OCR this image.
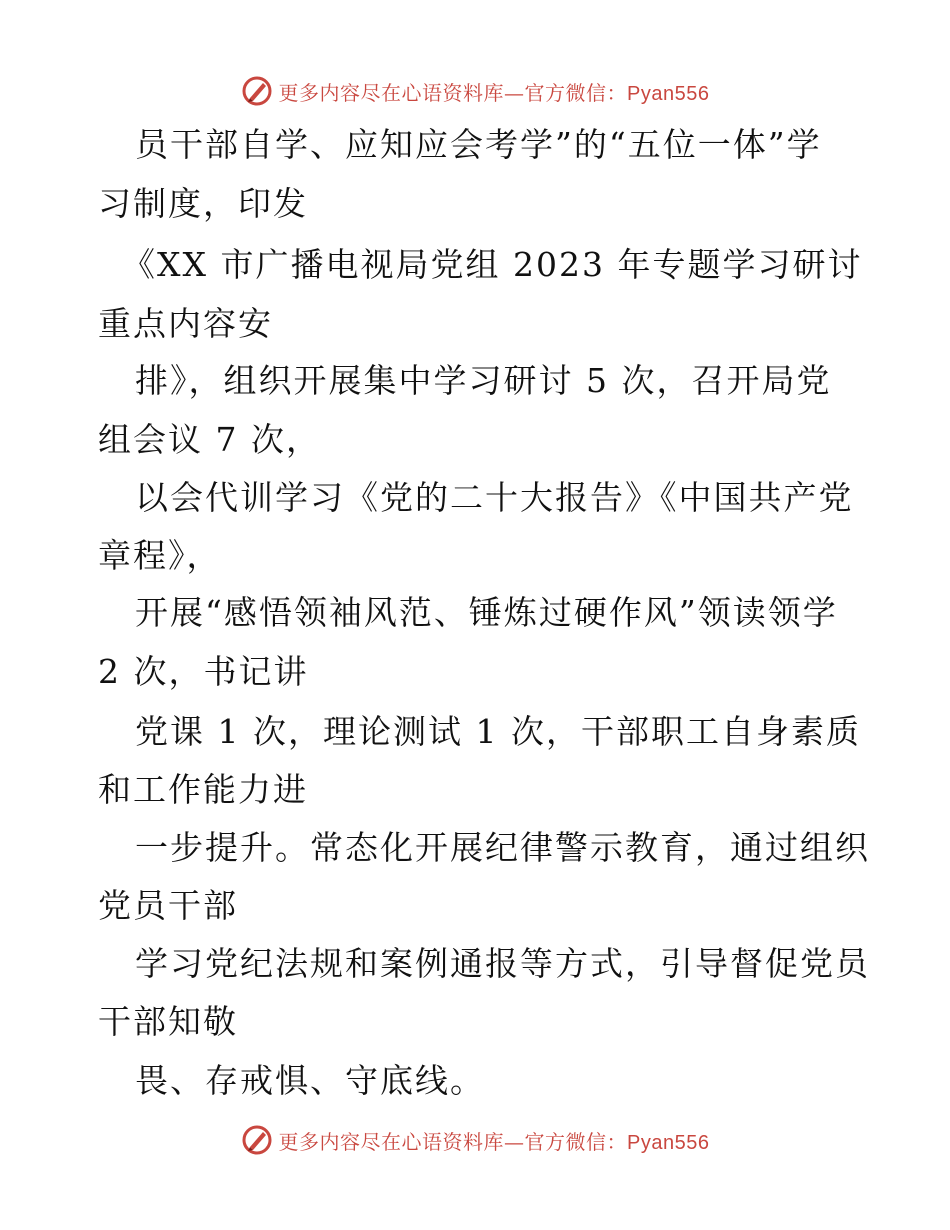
更多内容尽在心语资料库—官方微信：Pyan556
员干部自学、应知应会考学”的“五位一体”学
习制度，印发
《XX 市广播电视局党组 2023 年专题学习研讨
重点内容安
排》，组织开展集中学习研讨 5 次，召开局党
组会议 7 次，
以会代训学习《党的二十大报告》《中国共产党
章程》，
开展“感悟领袖风范、锤炼过硬作风”领读领学
2 次，书记讲
党课 1 次，理论测试 1 次，干部职工自身素质
和工作能力进
一步提升。常态化开展纪律警示教育，通过组织
党员干部
学习党纪法规和案例通报等方式，引导督促党员
干部知敬
畏、存戒惧、守底线。
更多内容尽在心语资料库—官方微信：Pyan556
